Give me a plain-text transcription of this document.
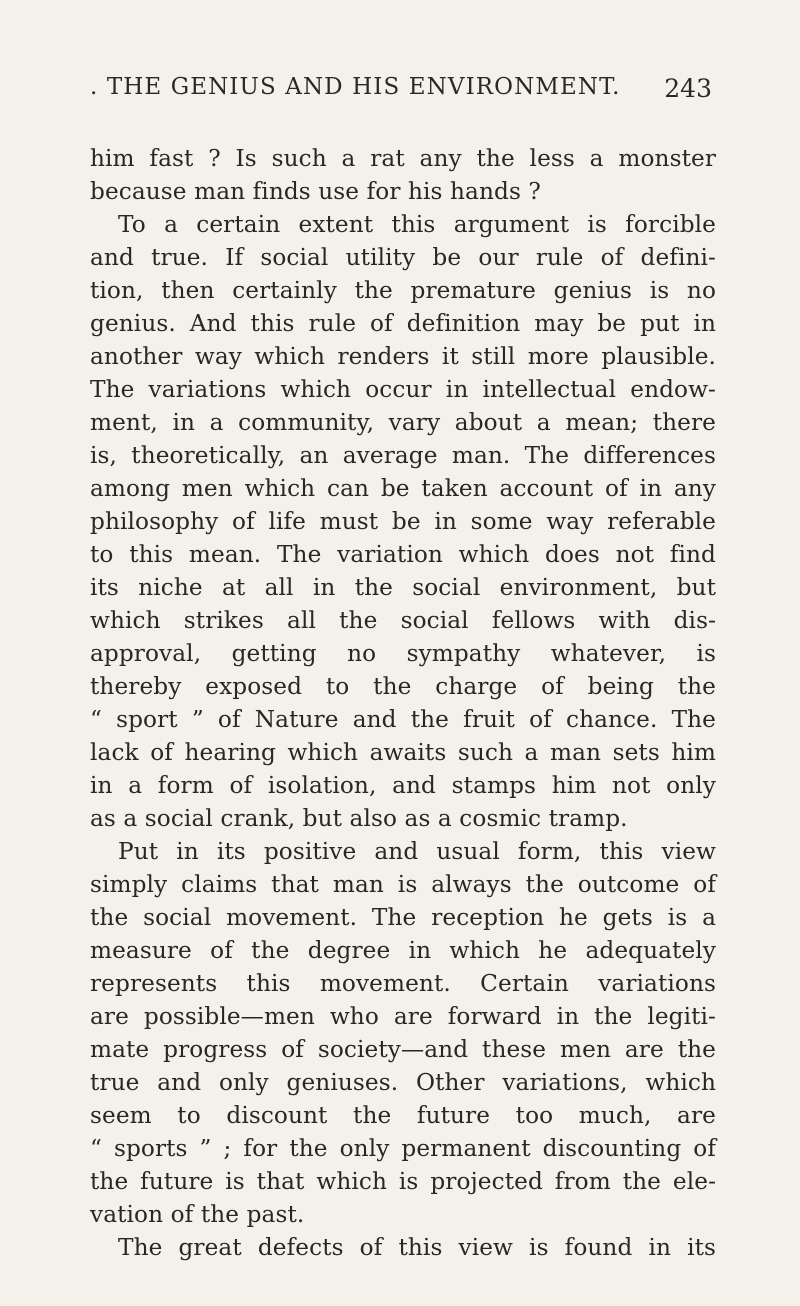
. THE GENIUS AND HIS ENVIRONMENT. 243
him fast ? Is such a rat any the less a monster
because man finds use for his hands ?
To a certain extent this argument is forcible
and true. If social utility be our rule of defini-
tion, then certainly the premature genius is no
genius. And this rule of definition may be put in
another way which renders it still more plausible.
The variations which occur in intellectual endow-
ment, in a community, vary about a mean; there
is, theoretically, an average man. The differences
among men which can be taken account of in any
philosophy of life must be in some way referable
to this mean. The variation which does not find
its niche at all in the social environment, but
which strikes all the social fellows with dis-
approval, getting no sympathy whatever, is
thereby exposed to the charge of being the
“ sport ” of Nature and the fruit of chance. The
lack of hearing which awaits such a man sets him
in a form of isolation, and stamps him not only
as a social crank, but also as a cosmic tramp.
Put in its positive and usual form, this view
simply claims that man is always the outcome of
the social movement. The reception he gets is a
measure of the degree in which he adequately
represents this movement. Certain variations
are possible—men who are forward in the legiti-
mate progress of society—and these men are the
true and only geniuses. Other variations, which
seem to discount the future too much, are
“ sports ” ; for the only permanent discounting of
the future is that which is projected from the ele-
vation of the past.
The great defects of this view is found in its
